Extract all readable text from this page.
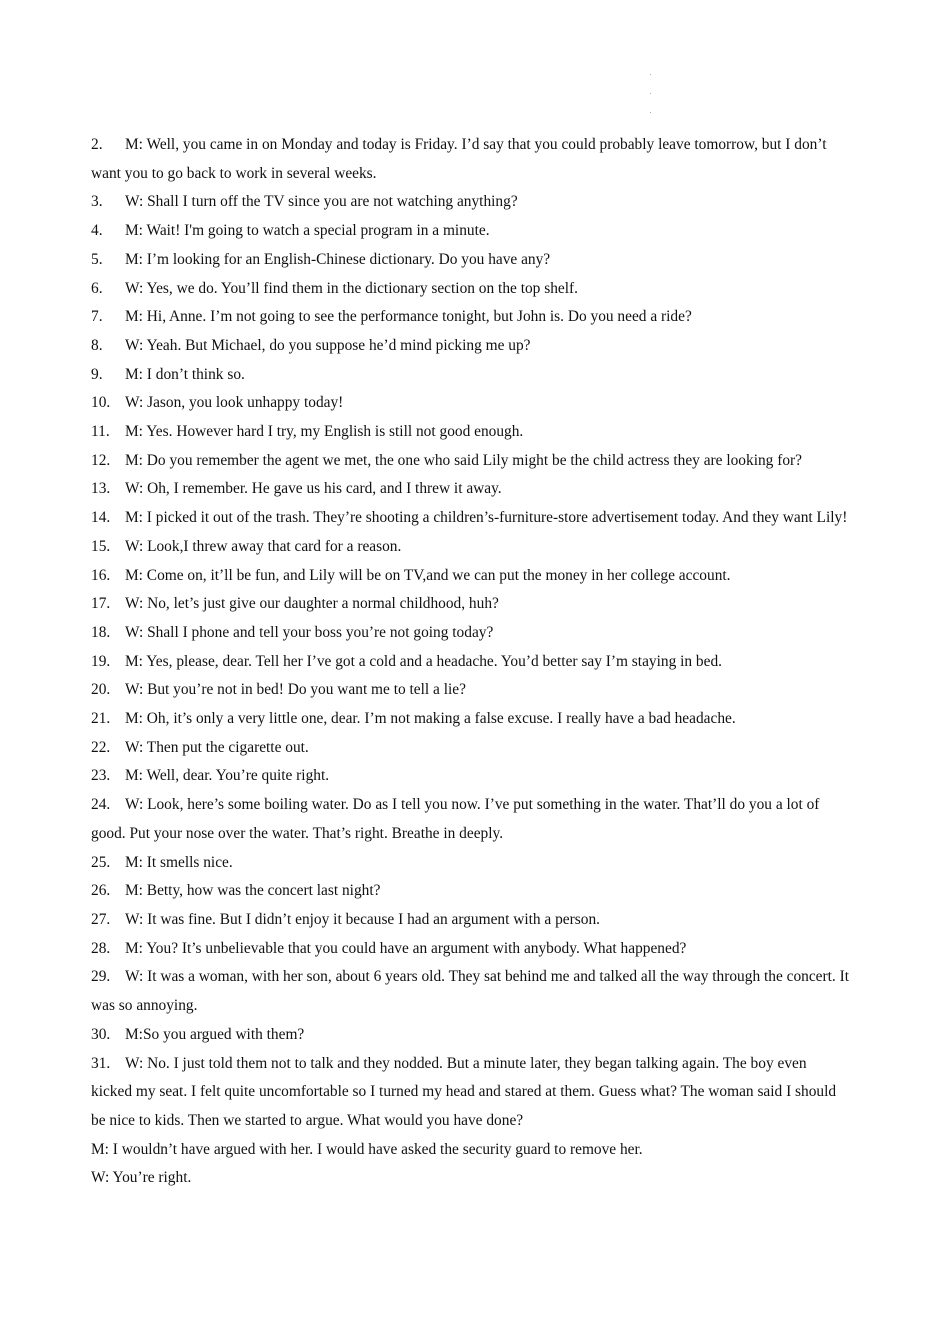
2. M: Well, you came in on Monday and today is Friday. I’d say that you could probably leave tomorrow, but I don’t want you to go back to work in several weeks.
3. W: Shall I turn off the TV since you are not watching anything?
4. M: Wait! I'm going to watch a special program in a minute.
5. M: I’m looking for an English-Chinese dictionary. Do you have any?
6. W: Yes, we do. You’ll find them in the dictionary section on the top shelf.
7. M: Hi, Anne. I’m not going to see the performance tonight, but John is. Do you need a ride?
8. W: Yeah. But Michael, do you suppose he’d mind picking me up?
9. M: I don’t think so.
10. W: Jason, you look unhappy today!
11. M: Yes. However hard I try, my English is still not good enough.
12. M: Do you remember the agent we met, the one who said Lily might be the child actress they are looking for?
13. W: Oh, I remember. He gave us his card, and I threw it away.
14. M: I picked it out of the trash. They’re shooting a children’s-furniture-store advertisement today. And they want Lily!
15. W: Look,I threw away that card for a reason.
16. M: Come on, it’ll be fun, and Lily will be on TV,and we can put the money in her college account.
17. W: No, let’s just give our daughter a normal childhood, huh?
18. W: Shall I phone and tell your boss you’re not going today?
19. M: Yes, please, dear. Tell her I’ve got a cold and a headache. You’d better say I’m staying in bed.
20. W: But you’re not in bed! Do you want me to tell a lie?
21. M: Oh, it’s only a very little one, dear. I’m not making a false excuse. I really have a bad headache.
22. W: Then put the cigarette out.
23. M: Well, dear. You’re quite right.
24. W: Look, here’s some boiling water. Do as I tell you now. I’ve put something in the water. That’ll do you a lot of good. Put your nose over the water. That’s right. Breathe in deeply.
25. M: It smells nice.
26. M: Betty, how was the concert last night?
27. W: It was fine. But I didn’t enjoy it because I had an argument with a person.
28. M: You? It’s unbelievable that you could have an argument with anybody. What happened?
29. W: It was a woman, with her son, about 6 years old. They sat behind me and talked all the way through the concert. It was so annoying.
30. M:So you argued with them?
31. W: No. I just told them not to talk and they nodded. But a minute later, they began talking again. The boy even kicked my seat. I felt quite uncomfortable so I turned my head and stared at them. Guess what? The woman said I should be nice to kids. Then we started to argue. What would you have done?
M: I wouldn’t have argued with her. I would have asked the security guard to remove her.
W: You’re right.
